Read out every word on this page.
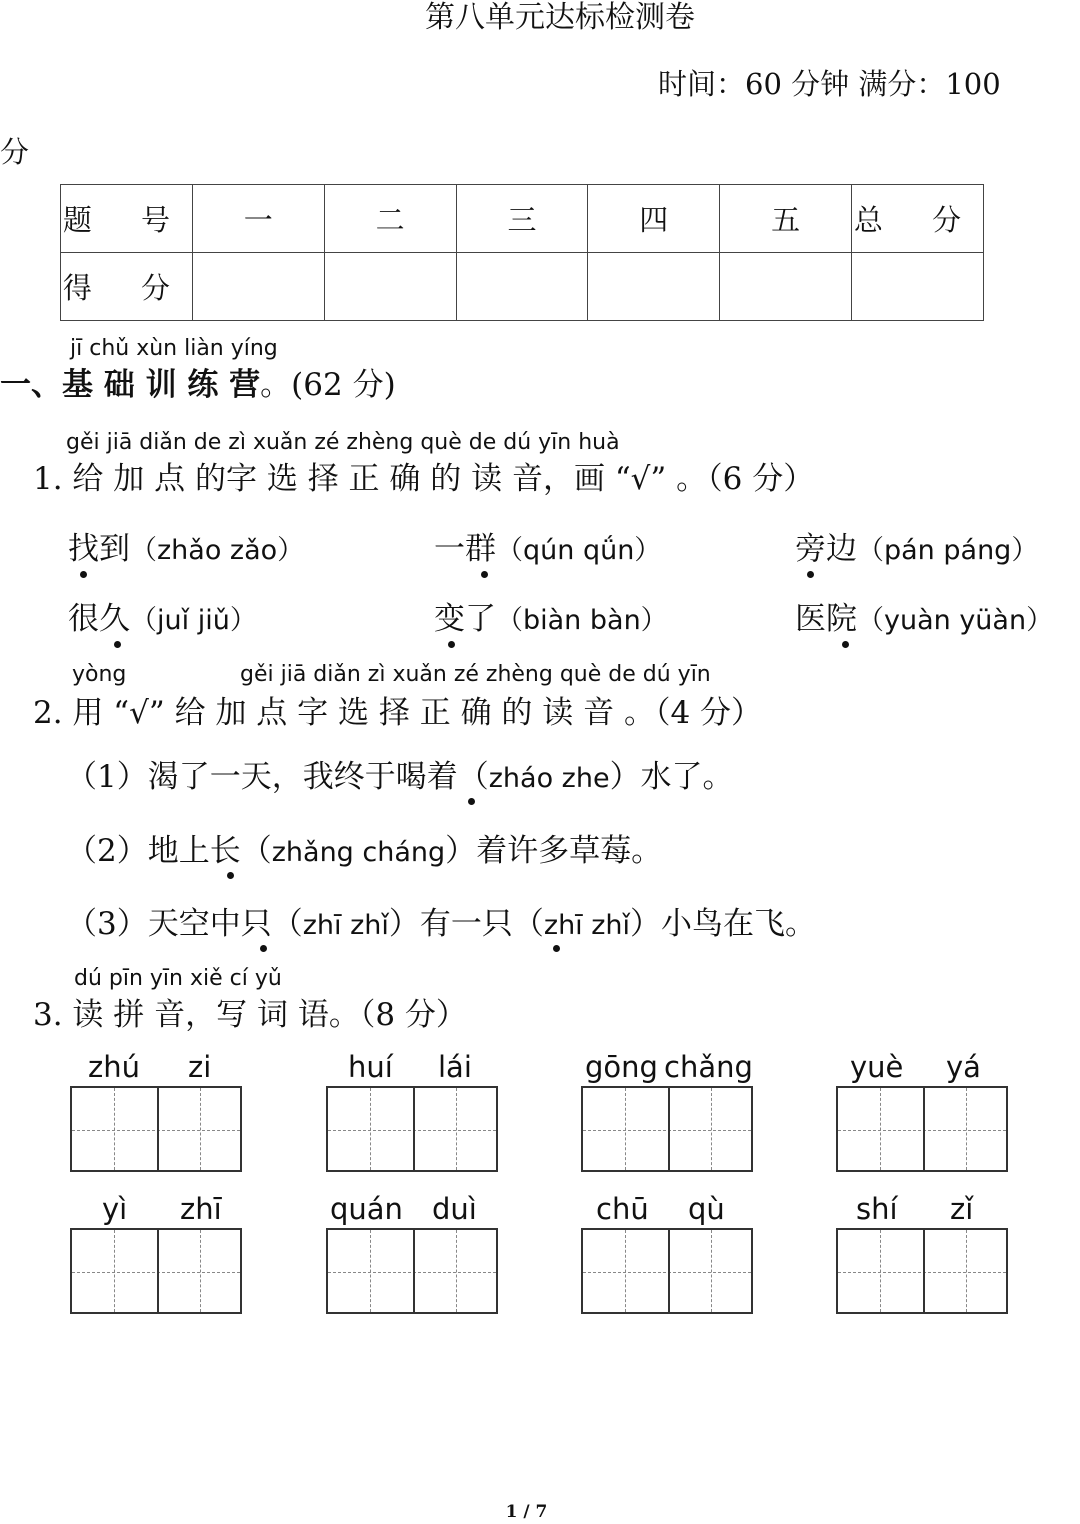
第八单元达标检测卷
时间：60 分钟 满分：100
分
题 号	一	二	三	四	五	总 分
得 分						
jī chǔ xùn liàn yíng
一、基 础 训 练 营。(62 分)
gěi jiā diǎn de zì xuǎn zé zhèng què de dú yīn huà
1. 给 加 点 的字 选 择 正 确 的 读 音，画 “√” 。（6 分）
找到（zhǎo zǎo）	一群（qún qǘn）	旁边（pán páng）
很久（juǐ jiǔ）	变了（biàn bàn）	医院（yuàn yüàn）
yòng	gěi jiā diǎn zì xuǎn zé zhèng què de dú yīn
2. 用 “√” 给 加 点 字 选 择 正 确 的 读 音 。（4 分）
（1）渴了一天，我终于喝着（zháo zhe）水了。
（2）地上长（zhǎng cháng）着许多草莓。
（3）天空中只（zhī zhǐ）有一只（zhī zhǐ）小鸟在飞。
dú pīn yīn xiě cí yǔ
3. 读 拼 音，写 词 语。（8 分）
zhú zi	huí lái	gōng chǎng	yuè yá
yì zhī	quán duì	chū qù	shí zǐ
1 / 7
